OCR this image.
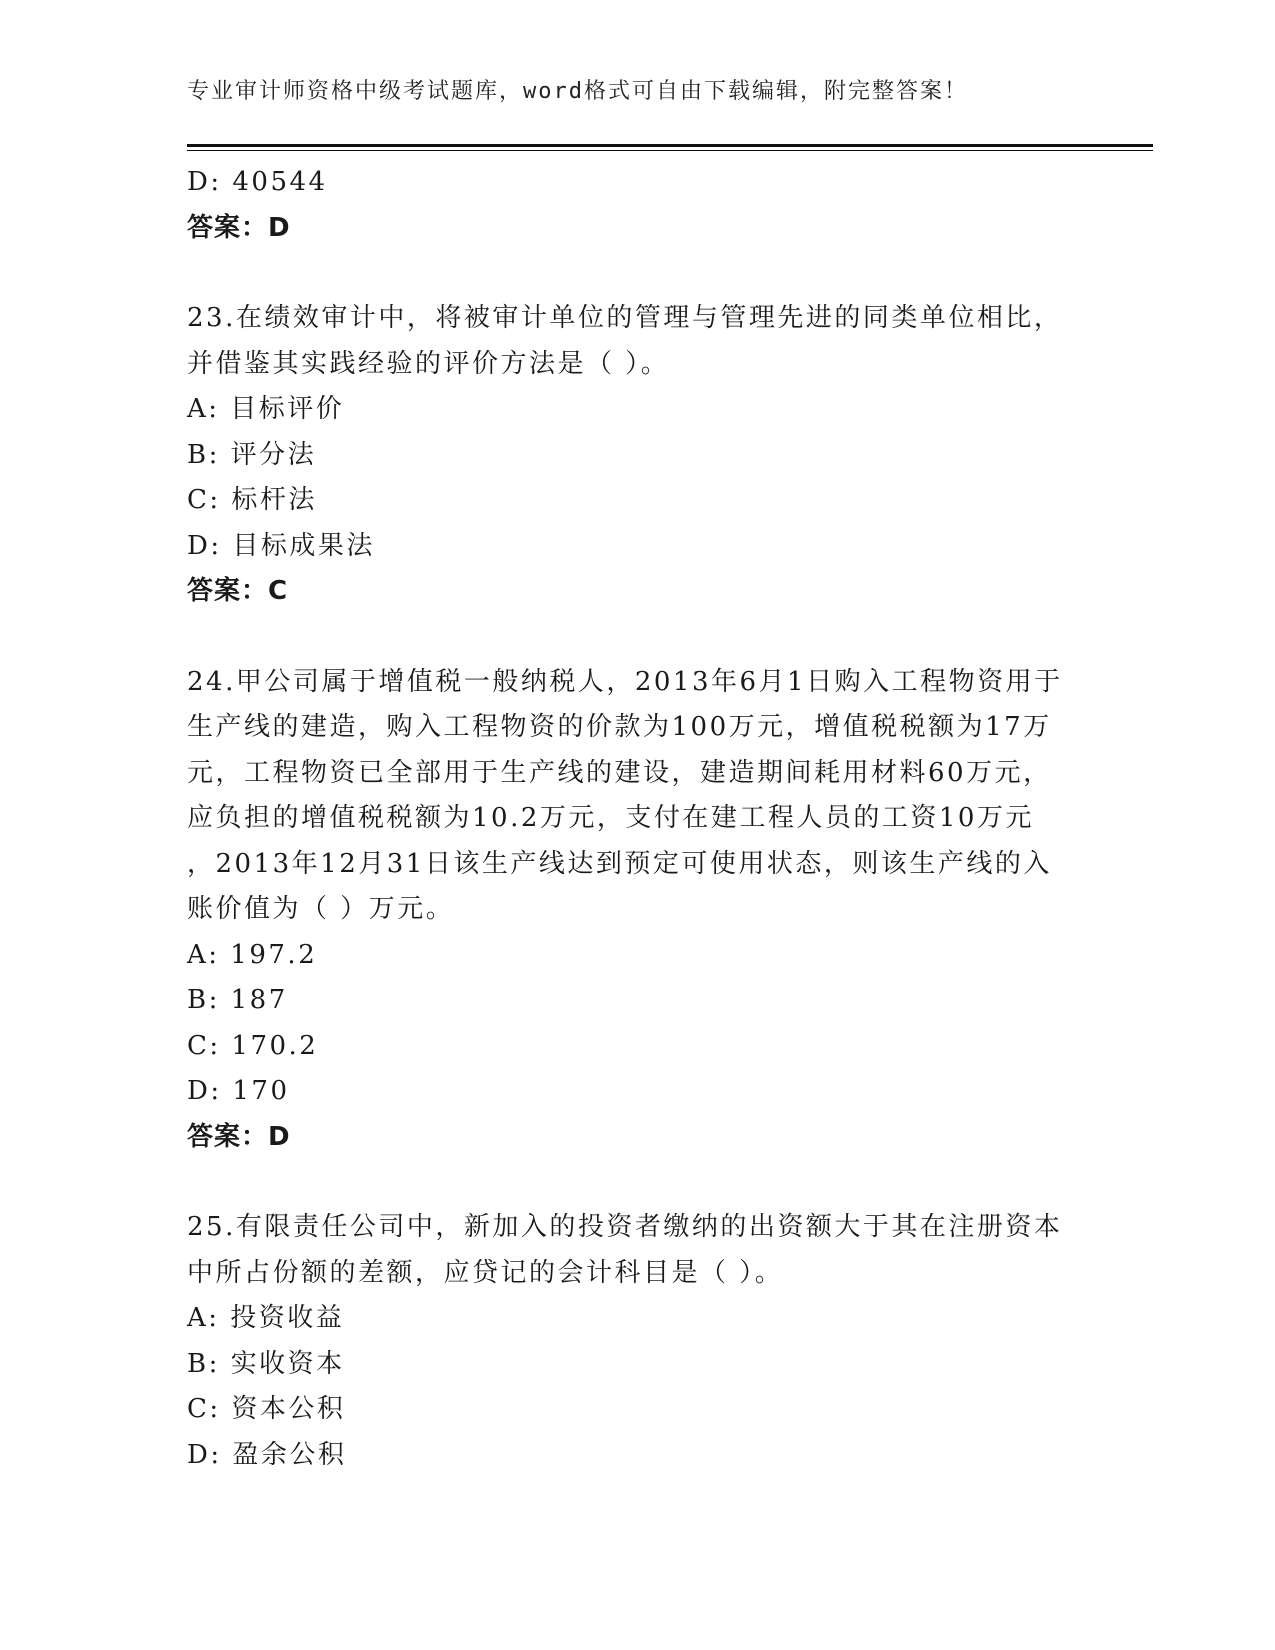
专业审计师资格中级考试题库，word格式可自由下载编辑，附完整答案！
D: 40544
答案：D
23.在绩效审计中，将被审计单位的管理与管理先进的同类单位相比，
并借鉴其实践经验的评价方法是（ ）。
A: 目标评价
B: 评分法
C: 标杆法
D: 目标成果法
答案：C
24.甲公司属于增值税一般纳税人，2013年6月1日购入工程物资用于
生产线的建造，购入工程物资的价款为100万元，增值税税额为17万
元，工程物资已全部用于生产线的建设，建造期间耗用材料60万元，
应负担的增值税税额为10.2万元，支付在建工程人员的工资10万元
，2013年12月31日该生产线达到预定可使用状态，则该生产线的入
账价值为（ ）万元。
A: 197.2
B: 187
C: 170.2
D: 170
答案：D
25.有限责任公司中，新加入的投资者缴纳的出资额大于其在注册资本
中所占份额的差额，应贷记的会计科目是（ ）。
A: 投资收益
B: 实收资本
C: 资本公积
D: 盈余公积
